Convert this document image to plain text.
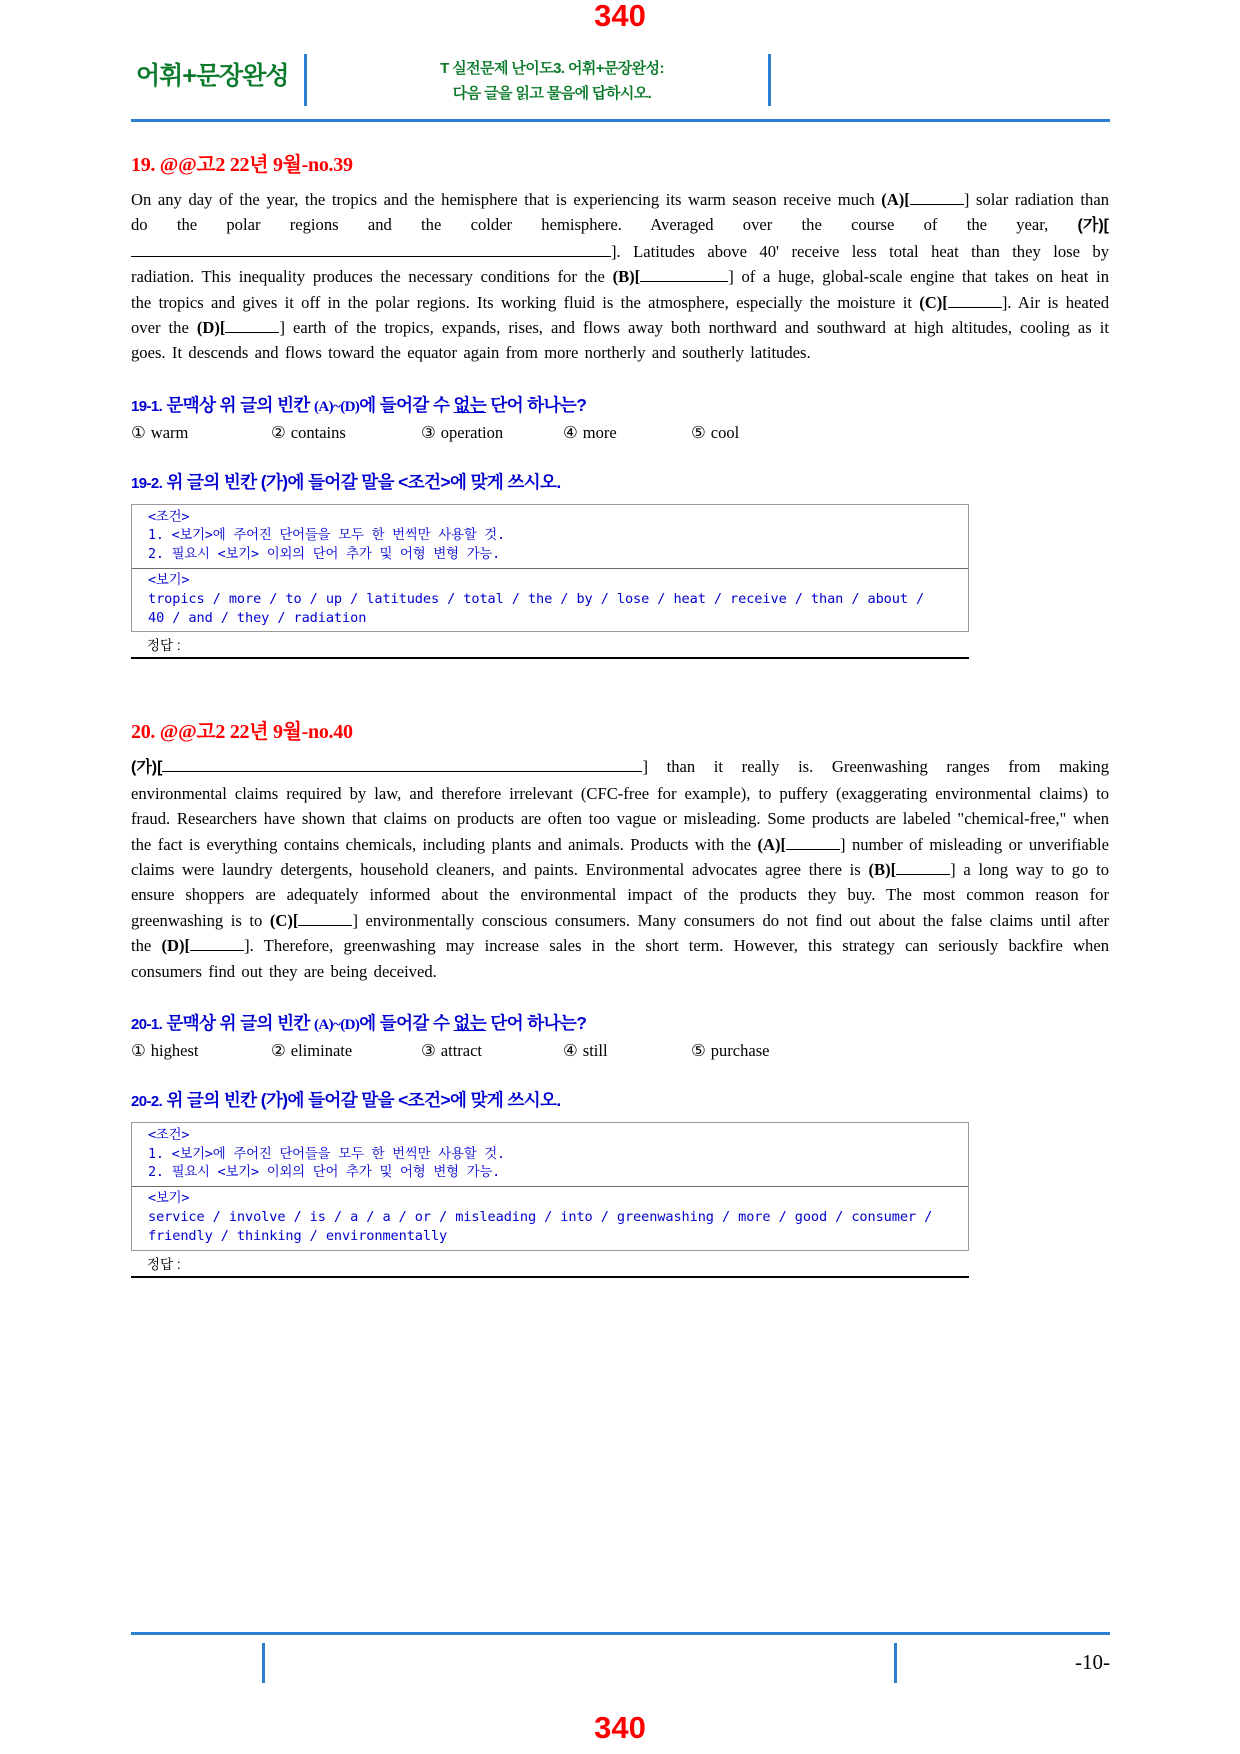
340
어휘+문장완성	T 실전문제 난이도3. 어휘+문장완성:
다음 글을 읽고 물음에 답하시오.
19. @@고2 22년 9월-no.39
On any day of the year, the tropics and the hemisphere that is experiencing its warm season receive much (A)[	] solar radiation than do the polar regions and the colder hemisphere. Averaged over the course of the year, (가)[]. Latitudes above 40' receive less total heat than they lose by radiation. This inequality produces the necessary conditions for the (B)[	] of a huge, global-scale engine that takes on heat in the tropics and gives it off in the polar regions. Its working fluid is the atmosphere, especially the moisture it (C)[	]. Air is heated over the (D)[	] earth of the tropics, expands, rises, and flows away both northward and southward at high altitudes, cooling as it goes. It descends and flows toward the equator again from more northerly and southerly latitudes.
19-1. 문맥상 위 글의 빈칸 (A)~(D)에 들어갈 수 없는 단어 하나는?
① warm	② contains	③ operation	④ more	⑤ cool
19-2. 위 글의 빈칸 (가)에 들어갈 말을 <조건>에 맞게 쓰시오.
<조건>
1. <보기>에 주어진 단어들을 모두 한 번씩만 사용할 것.
2. 필요시 <보기> 이외의 단어 추가 및 어형 변형 가능.
<보기>
tropics / more / to / up / latitudes / total / the / by / lose / heat / receive / than / about / 40 / and / they / radiation
정답 :
20. @@고2 22년 9월-no.40
(가)[	] than it really is. Greenwashing ranges from making environmental claims required by law, and therefore irrelevant (CFC-free for example), to puffery (exaggerating environmental claims) to fraud. Researchers have shown that claims on products are often too vague or misleading. Some products are labeled "chemical-free," when the fact is everything contains chemicals, including plants and animals. Products with the (A)[	] number of misleading or unverifiable claims were laundry detergents, household cleaners, and paints. Environmental advocates agree there is (B)[	] a long way to go to ensure shoppers are adequately informed about the environmental impact of the products they buy. The most common reason for greenwashing is to (C)[	] environmentally conscious consumers. Many consumers do not find out about the false claims until after the (D)[	]. Therefore, greenwashing may increase sales in the short term. However, this strategy can seriously backfire when consumers find out they are being deceived.
20-1. 문맥상 위 글의 빈칸 (A)~(D)에 들어갈 수 없는 단어 하나는?
① highest	② eliminate	③ attract	④ still	⑤ purchase
20-2. 위 글의 빈칸 (가)에 들어갈 말을 <조건>에 맞게 쓰시오.
<조건>
1. <보기>에 주어진 단어들을 모두 한 번씩만 사용할 것.
2. 필요시 <보기> 이외의 단어 추가 및 어형 변형 가능.
<보기>
service / involve / is / a / a / or / misleading / into / greenwashing / more / good / consumer / friendly / thinking / environmentally
정답 :
-10-
340
